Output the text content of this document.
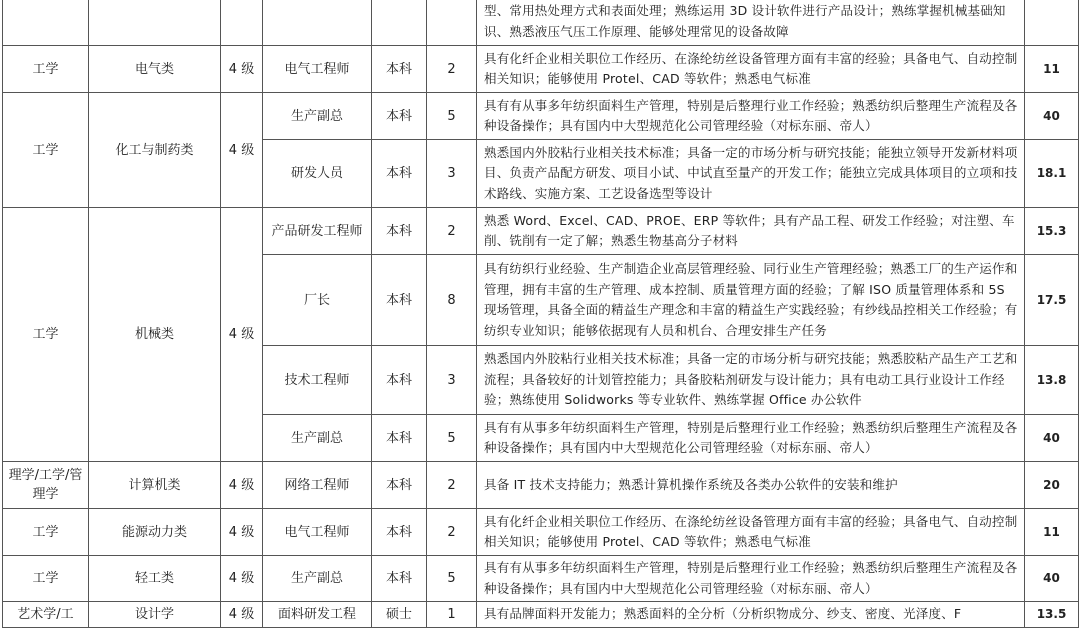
						型、常用热处理方式和表面处理；熟练运用 3D 设计软件进行产品设计；熟练掌握机械基础知识、熟悉液压气压工作原理、能够处理常见的设备故障	
工学	电气类	4 级	电气工程师	本科	2	具有化纤企业相关职位工作经历、在涤纶纺丝设备管理方面有丰富的经验；具备电气、自动控制相关知识；能够使用 Protel、CAD 等软件；熟悉电气标准	11
工学	化工与制药类	4 级	生产副总	本科	5	具有有从事多年纺织面料生产管理，特别是后整理行业工作经验；熟悉纺织后整理生产流程及各种设备操作；具有国内中大型规范化公司管理经验（对标东丽、帝人）	40
			研发人员	本科	3	熟悉国内外胶粘行业相关技术标准；具备一定的市场分析与研究技能；能独立领导开发新材料项目、负责产品配方研发、项目小试、中试直至量产的开发工作；能独立完成具体项目的立项和技术路线、实施方案、工艺设备选型等设计	18.1
工学	机械类	4 级	产品研发工程师	本科	2	熟悉 Word、Excel、CAD、PROE、ERP 等软件；具有产品工程、研发工作经验；对注塑、车削、铣削有一定了解；熟悉生物基高分子材料	15.3
			厂长	本科	8	具有纺织行业经验、生产制造企业高层管理经验、同行业生产管理经验；熟悉工厂的生产运作和管理，拥有丰富的生产管理、成本控制、质量管理方面的经验；了解 ISO 质量管理体系和 5S 现场管理，具备全面的精益生产理念和丰富的精益生产实践经验；有纱线品控相关工作经验；有纺织专业知识；能够依据现有人员和机台、合理安排生产任务	17.5
			技术工程师	本科	3	熟悉国内外胶粘行业相关技术标准；具备一定的市场分析与研究技能；熟悉胶粘产品生产工艺和流程；具备较好的计划管控能力；具备胶粘剂研发与设计能力；具有电动工具行业设计工作经验；熟练使用 Solidworks 等专业软件、熟练掌握 Office 办公软件	13.8
			生产副总	本科	5	具有有从事多年纺织面料生产管理，特别是后整理行业工作经验；熟悉纺织后整理生产流程及各种设备操作；具有国内中大型规范化公司管理经验（对标东丽、帝人）	40
理学/工学/管理学	计算机类	4 级	网络工程师	本科	2	具备 IT 技术支持能力；熟悉计算机操作系统及各类办公软件的安装和维护	20
工学	能源动力类	4 级	电气工程师	本科	2	具有化纤企业相关职位工作经历、在涤纶纺丝设备管理方面有丰富的经验；具备电气、自动控制相关知识；能够使用 Protel、CAD 等软件；熟悉电气标准	11
工学	轻工类	4 级	生产副总	本科	5	具有有从事多年纺织面料生产管理，特别是后整理行业工作经验；熟悉纺织后整理生产流程及各种设备操作；具有国内中大型规范化公司管理经验（对标东丽、帝人）	40
艺术学/工	设计学	4 级	面料研发工程	硕士	1	具有品牌面料开发能力；熟悉面料的全分析（分析织物成分、纱支、密度、光泽度、F	13.5
